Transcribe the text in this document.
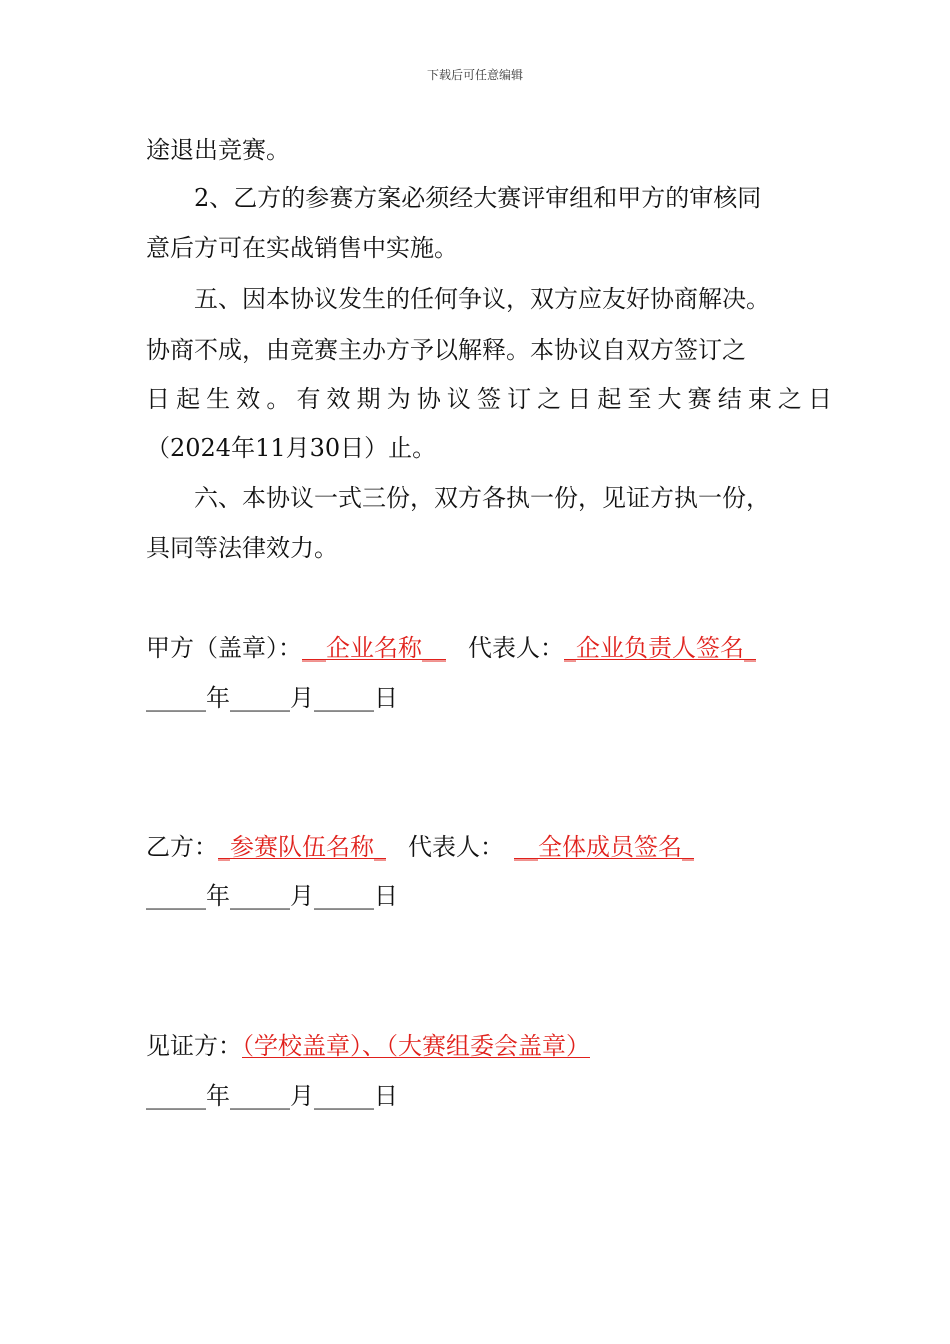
下载后可任意编辑
途退出竞赛。
2、乙方的参赛方案必须经大赛评审组和甲方的审核同
意后方可在实战销售中实施。
五、因本协议发生的任何争议，双方应友好协商解决。
协商不成，由竞赛主办方予以解释。本协议自双方签订之
日起生效。有效期为协议签订之日起至大赛结束之日
（2024年11月30日）止。
六、本协议一式三份，双方各执一份，见证方执一份，
具同等法律效力。
甲方（盖章）：__企业名称__ 代表人：_企业负责人签名_
_____年_____月_____日
乙方：_参赛队伍名称_ 代表人： __全体成员签名_
_____年_____月_____日
见证方：（学校盖章）、（大赛组委会盖章）
_____年_____月_____日
